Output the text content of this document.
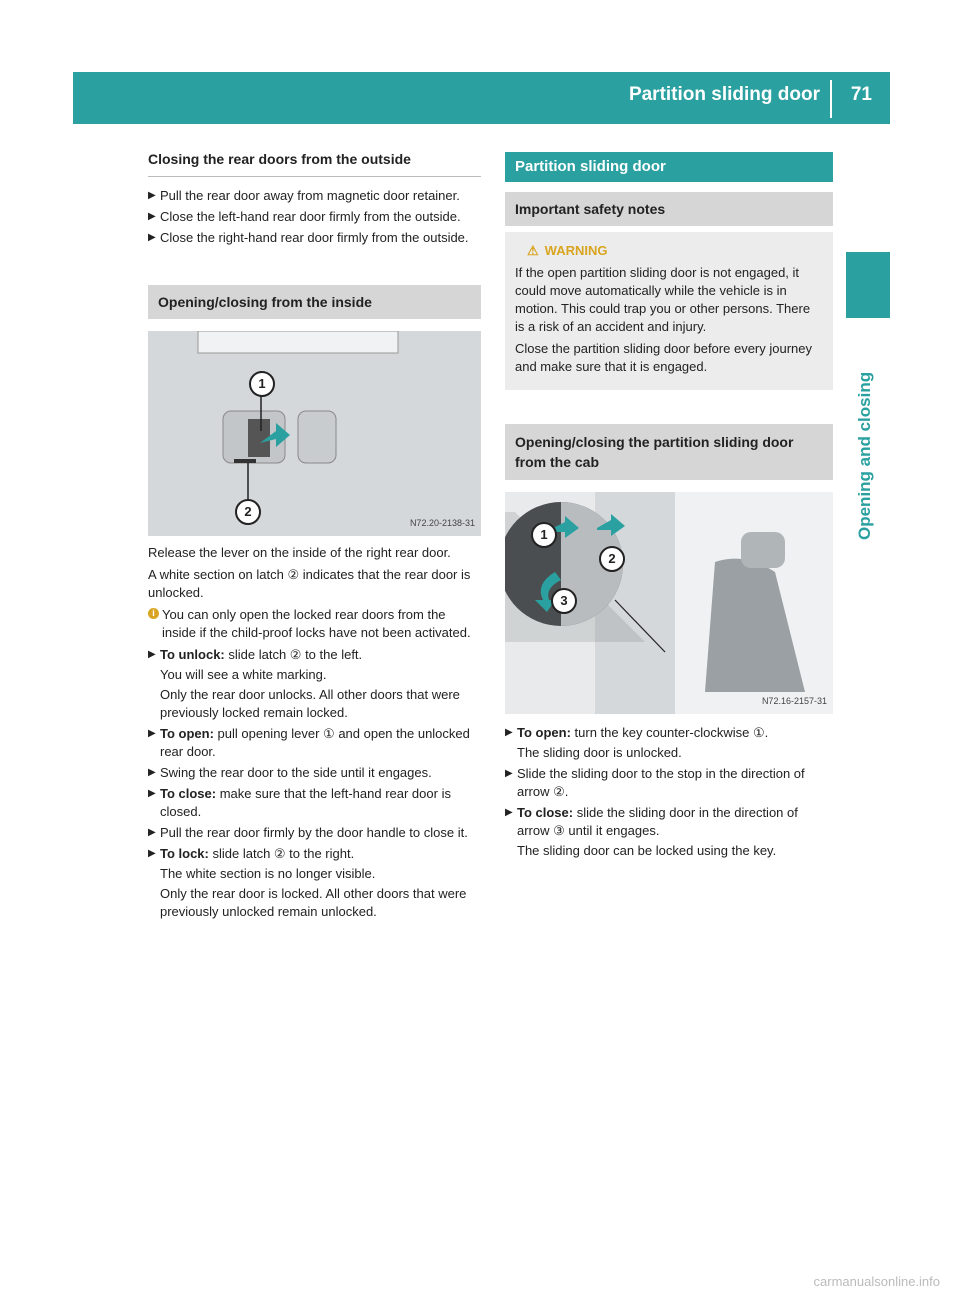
Partition sliding door 71
Opening and closing
Closing the rear doors from the outside
▶ Pull the rear door away from magnetic door retainer.
▶ Close the left-hand rear door firmly from the outside.
▶ Close the right-hand rear door firmly from the outside.
Opening/closing from the inside
1
2
N72.20-2138-31

Release the lever on the inside of the right rear door.

A white section on latch ② indicates that the rear door is unlocked.

i You can only open the locked rear doors from the inside if the child-proof locks have not been activated.
▶ To unlock: slide latch ② to the left.
You will see a white marking.
Only the rear door unlocks. All other doors that were previously locked remain locked.
▶ To open: pull opening lever ① and open the unlocked rear door.
▶ Swing the rear door to the side until it engages.
▶ To close: make sure that the left-hand rear door is closed.
▶ Pull the rear door firmly by the door handle to close it.
▶ To lock: slide latch ② to the right.
The white section is no longer visible.
Only the rear door is locked. All other doors that were previously unlocked remain unlocked.
Partition sliding door
Important safety notes
⚠ WARNING

If the open partition sliding door is not engaged, it could move automatically while the vehicle is in motion. This could trap you or other persons. There is a risk of an accident and injury.

Close the partition sliding door before every journey and make sure that it is engaged.

Opening/closing the partition sliding door from the cab
1
2
3
N72.16-2157-31
▶ To open: turn the key counter-clockwise ①.
The sliding door is unlocked.
▶ Slide the sliding door to the stop in the direction of arrow ②.
▶ To close: slide the sliding door in the direction of arrow ③ until it engages.
The sliding door can be locked using the key.
carmanualsonline.info
